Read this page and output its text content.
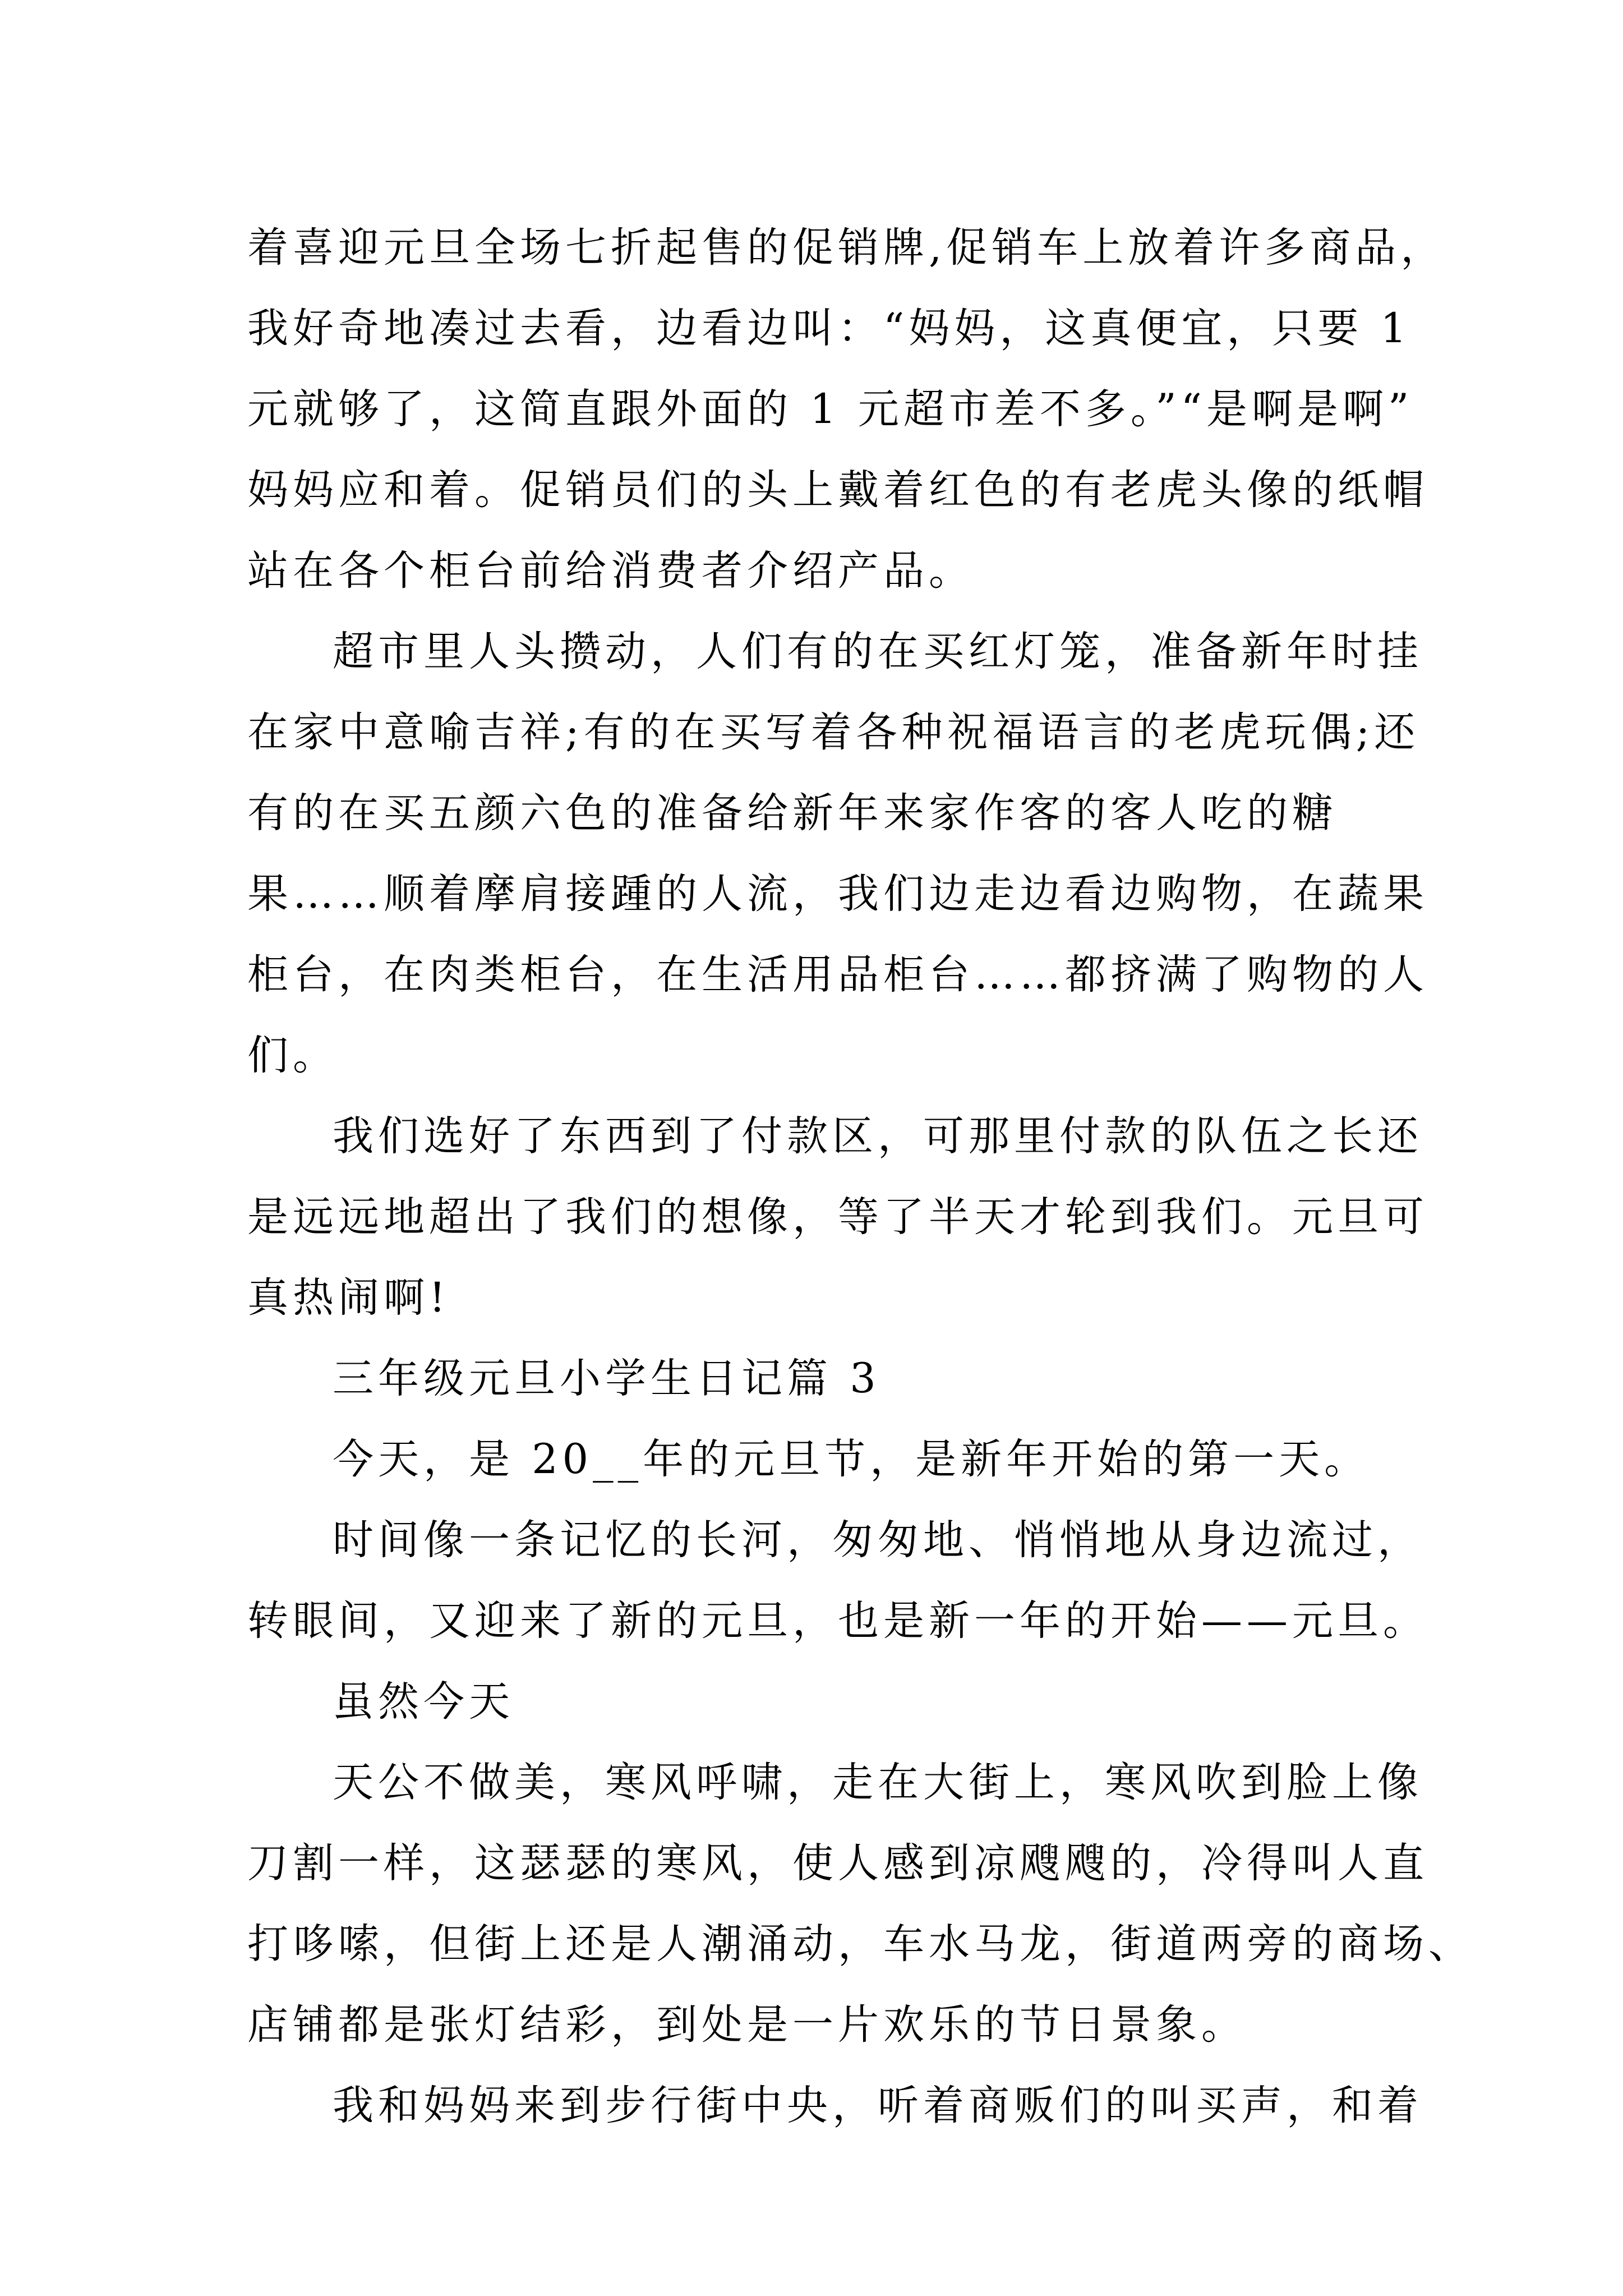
着喜迎元旦全场七折起售的促销牌,促销车上放着许多商品，
我好奇地凑过去看，边看边叫：“妈妈，这真便宜，只要 1
元就够了，这简直跟外面的 1 元超市差不多。”“是啊是啊”
妈妈应和着。促销员们的头上戴着红色的有老虎头像的纸帽
站在各个柜台前给消费者介绍产品。
超市里人头攒动，人们有的在买红灯笼，准备新年时挂
在家中意喻吉祥;有的在买写着各种祝福语言的老虎玩偶;还
有的在买五颜六色的准备给新年来家作客的客人吃的糖
果……顺着摩肩接踵的人流，我们边走边看边购物，在蔬果
柜台，在肉类柜台，在生活用品柜台……都挤满了购物的人
们。
我们选好了东西到了付款区，可那里付款的队伍之长还
是远远地超出了我们的想像，等了半天才轮到我们。元旦可
真热闹啊!
三年级元旦小学生日记篇 3
今天，是 20__年的元旦节，是新年开始的第一天。
时间像一条记忆的长河，匆匆地、悄悄地从身边流过，
转眼间，又迎来了新的元旦，也是新一年的开始——元旦。
虽然今天
天公不做美，寒风呼啸，走在大街上，寒风吹到脸上像
刀割一样，这瑟瑟的寒风，使人感到凉飕飕的，冷得叫人直
打哆嗦，但街上还是人潮涌动，车水马龙，街道两旁的商场、
店铺都是张灯结彩，到处是一片欢乐的节日景象。
我和妈妈来到步行街中央，听着商贩们的叫买声，和着
